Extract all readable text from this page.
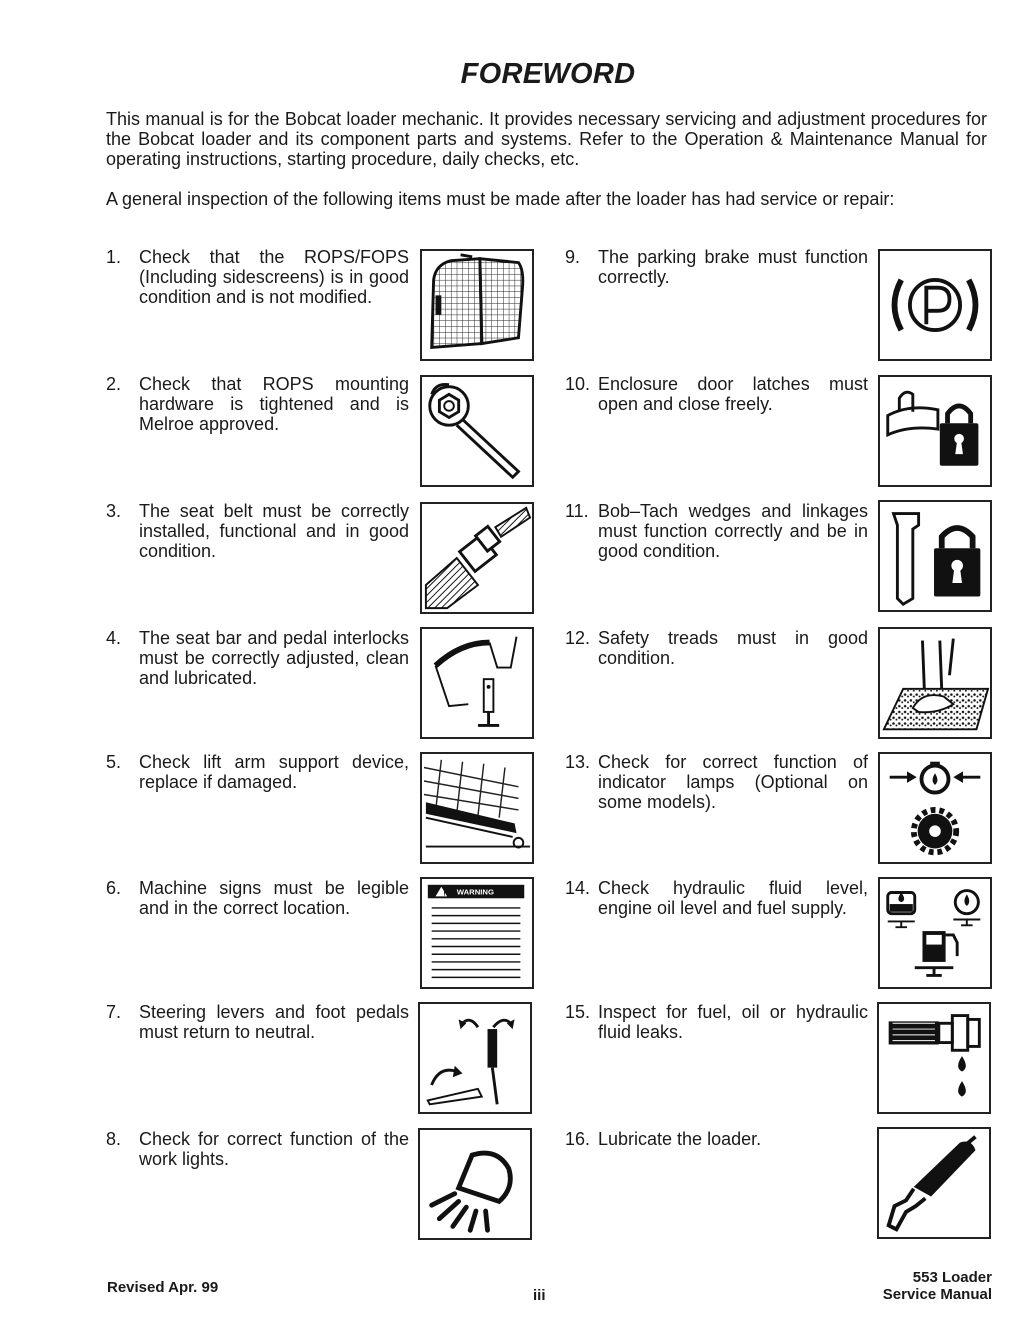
FOREWORD
This manual is for the Bobcat loader mechanic. It provides necessary servicing and adjustment procedures for the Bobcat loader and its component parts and systems. Refer to the Operation & Maintenance Manual for operating instructions, starting procedure, daily checks, etc.
A general inspection of the following items must be made after the loader has had service or repair:
1. Check that the ROPS/FOPS (Including sidescreens) is in good condition and is not modified.
2. Check that ROPS mounting hardware is tightened and is Melroe approved.
3. The seat belt must be correctly installed, functional and in good condition.
4. The seat bar and pedal interlocks must be correctly adjusted, clean and lubricated.
5. Check lift arm support device, replace if damaged.
6. Machine signs must be legible and in the correct location.
7. Steering levers and foot pedals must return to neutral.
8. Check for correct function of the work lights.
9. The parking brake must function correctly.
10. Enclosure door latches must open and close freely.
11. Bob–Tach wedges and linkages must function correctly and be in good condition.
12. Safety treads must in good condition.
13. Check for correct function of indicator lamps (Optional on some models).
14. Check hydraulic fluid level, engine oil level and fuel supply.
15. Inspect for fuel, oil or hydraulic fluid leaks.
16. Lubricate the loader.
! WARNING
Revised Apr. 99	iii
553 Loader
Service Manual
